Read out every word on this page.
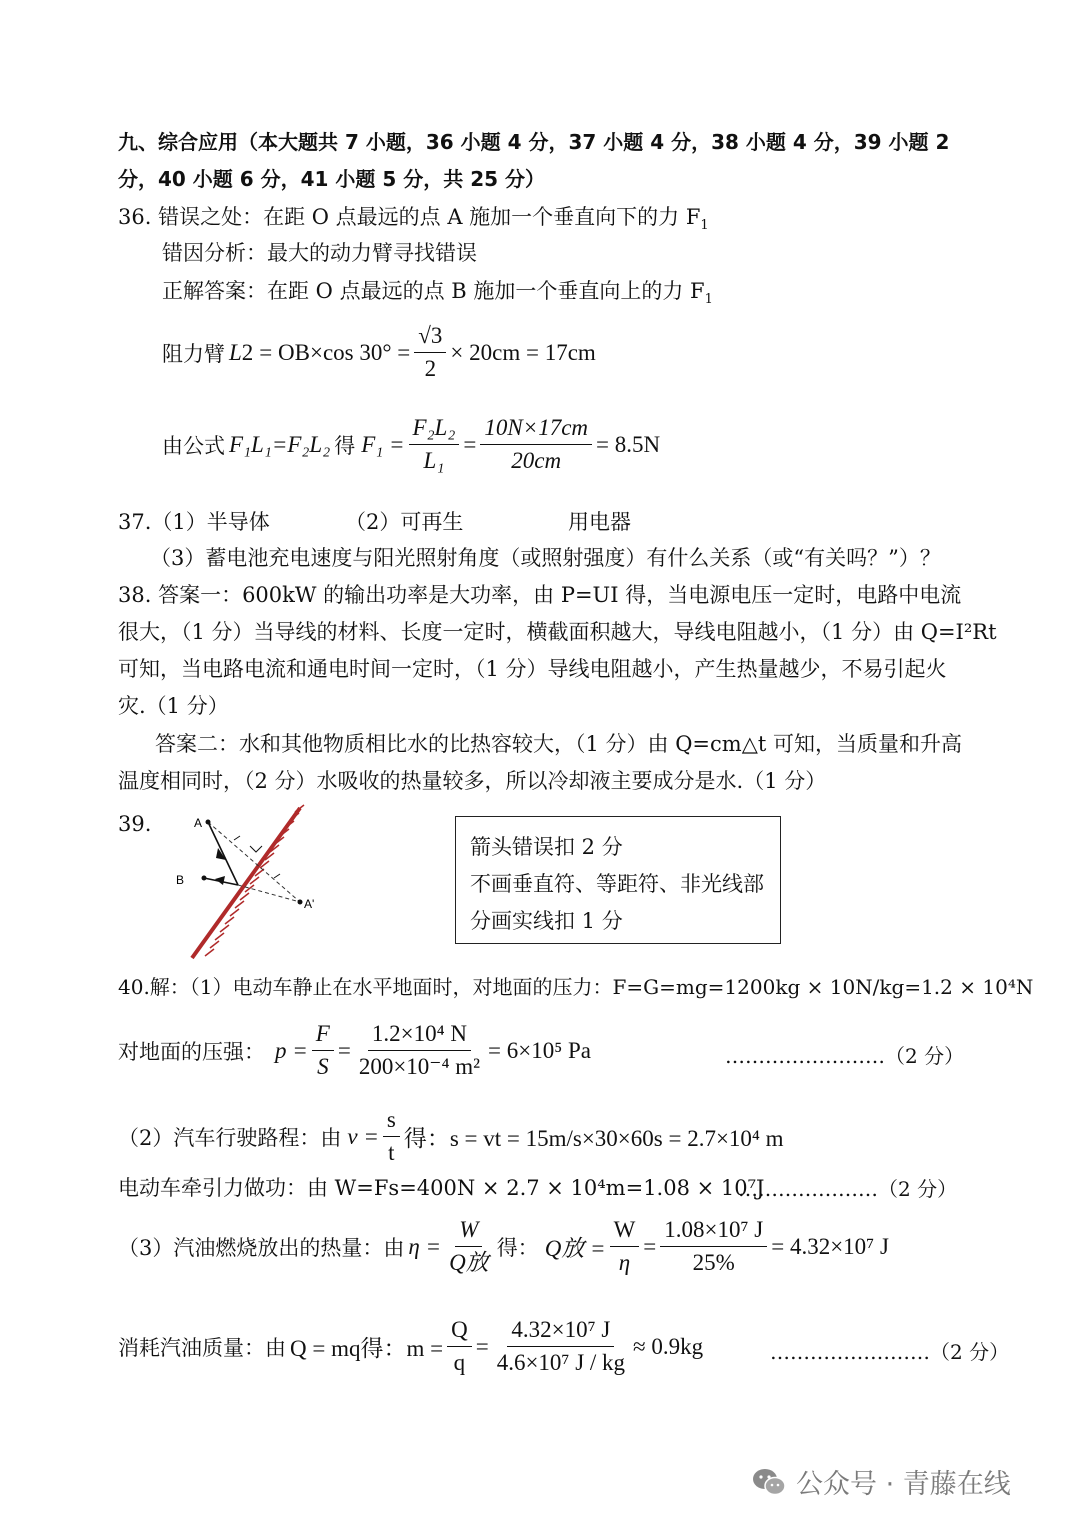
九、综合应用（本大题共 7 小题，36 小题 4 分，37 小题 4 分，38 小题 4 分，39 小题 2
分，40 小题 6 分，41 小题 5 分，共 25 分）
36. 错误之处：在距 O 点最远的点 A 施加一个垂直向下的力 $F_1$
错因分析：最大的动力臂寻找错误
正解答案：在距 O 点最远的点 B 施加一个垂直向上的力 $F_1$
阻力臂 L 2 = OB×cos $30^\circ = \frac{√3}{2} \times 20cm = 17cm$
由公式 F₁L₁=F₂L₂ 得 $F_1 = \frac{\text{F₂L₂}}{\text{L₁}} = \frac{10N\times 17cm}{20cm} = 8.5N$
37.（1）半导体	（2）可再生	用电器
（3）蓄电池充电速度与阳光照射角度（或照射强度）有什么关系（或“有关吗？”）？
38. 答案一：600kW 的输出功率是大功率，由 P=UI 得，当电源电压一定时，电路中电流
很大，（1 分）当导线的材料、长度一定时，横截面积越大，导线电阻越小，（1 分）由 Q=I²Rt
可知，当电路电流和通电时间一定时，（1 分）导线电阻越小，产生热量越少，不易引起火
灾.（1 分）
答案二：水和其他物质相比水的比热容较大，（1 分）由 Q=cm△t 可知，当质量和升高
温度相同时，（2 分）水吸收的热量较多，所以冷却液主要成分是水.（1 分）
39.	A
B
A'
箭头错误扣 2 分
不画垂直符、等距符、非光线部
分画实线扣 1 分
40.解：（1）电动车静止在水平地面时，对地面的压力：F=G=mg=1200kg × 10N/kg=1.2 × 10⁴N
对地面的压强： $p = \frac{F}{S} = \frac{\text{1.2×10⁴ N}}{\text{200×10⁻⁴ m²}} = 6\times 10^5$ Pa	……………………（2 分）
（2）汽车行驶路程：由 $v = \frac{s}{t}$ 得：s = vt = 15m/s×30×60s = 2.7×10⁴ m
电动车牵引力做功：由 W=Fs=400N × 2.7 × 10⁴m=1.08 × 10⁷J
…………………（2 分）
（3）汽油燃烧放出的热量：由 $\eta = \frac{W}{\text{Q放}}$ 得： Q放 = $\frac{W}{\eta} = \frac{\text{1.08×10⁷ J}}{25\%} = 4.32\times 10^7$ J
消耗汽油质量：由 Q = mq得：$m = \frac{Q}{q} = \frac{\text{4.32×10⁷ J}}{\text{4.6×10⁷ J / kg}} \approx 0.9kg$	……………………（2 分）
公众号 · 青藤在线
